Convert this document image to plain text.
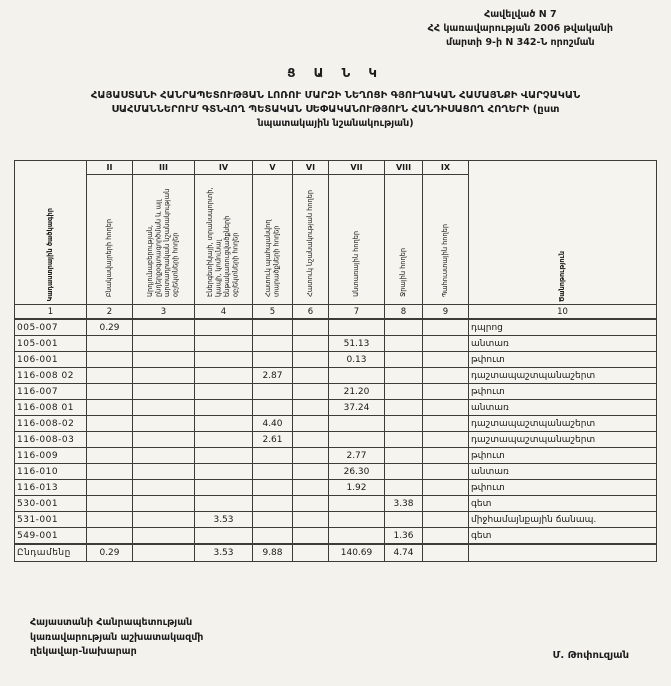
Հավելված N 7
ՀՀ կառավարության 2006 թվականի
մարտի 9-ի N 342-Ն որոշման
Ց Ա Ն Կ
ՀԱՅԱՍՏԱՆԻ ՀԱՆՐԱՊԵՏՈՒԹՅԱՆ ԼՈՌՈՒ ՄԱՐԶԻ ՆԵՂՈՑԻ ԳՅՈՒՂԱԿԱՆ ՀԱՄԱՅՆՔԻ ՎԱՐՉԱԿԱՆ
ՍԱՀՄԱՆՆԵՐՈՒՄ ԳՏՆՎՈՂ ՊԵՏԱԿԱՆ ՍԵՓԱԿԱՆՈՒԹՅՈՒՆ ՀԱՆԴԻՍԱՑՈՂ ՀՈՂԵՐԻ (ըստ
նպատակային նշանակության)
Կադաստրային ծածկագիր	II	III	IV	V	VI	VII	VIII	IX	Ծանոթություն
	Բնակավայրերի հողեր	Արդյունաբերության, ընդերքօգտագործման և այլ արտադրական նշանակության օբյեկտների հողեր	Էներգետիկայի, տրանսպորտի, կապի, կոմունալ ենթակառուցվածքների օբյեկտների հողեր	Հատուկ պահպանվող տարածքների հողեր	Հատուկ նշանակության հողեր	Անտառային հողեր	Ջրային հողեր	Պահուստային հողեր	
1	2	3	4	5	6	7	8	9	10
005-007	0.29								դպրոց
105-001						51.13			անտառ
106-001						0.13			թփուտ
116-008 02				2.87					դաշտապաշտպանաշերտ
116-007						21.20			թփուտ
116-008 01						37.24			անտառ
116-008-02				4.40					դաշտապաշտպանաշերտ
116-008-03				2.61					դաշտապաշտպանաշերտ
116-009						2.77			թփուտ
116-010						26.30			անտառ
116-013						1.92			թփուտ
530-001							3.38		գետ
531-001			3.53						միջհամայնքային ճանապ.
549-001							1.36		գետ
Ընդամենը	0.29		3.53	9.88		140.69	4.74		
Հայաստանի Հանրապետության
կառավարության աշխատակազմի
ղեկավար-նախարար	Մ. Թոփուզյան
